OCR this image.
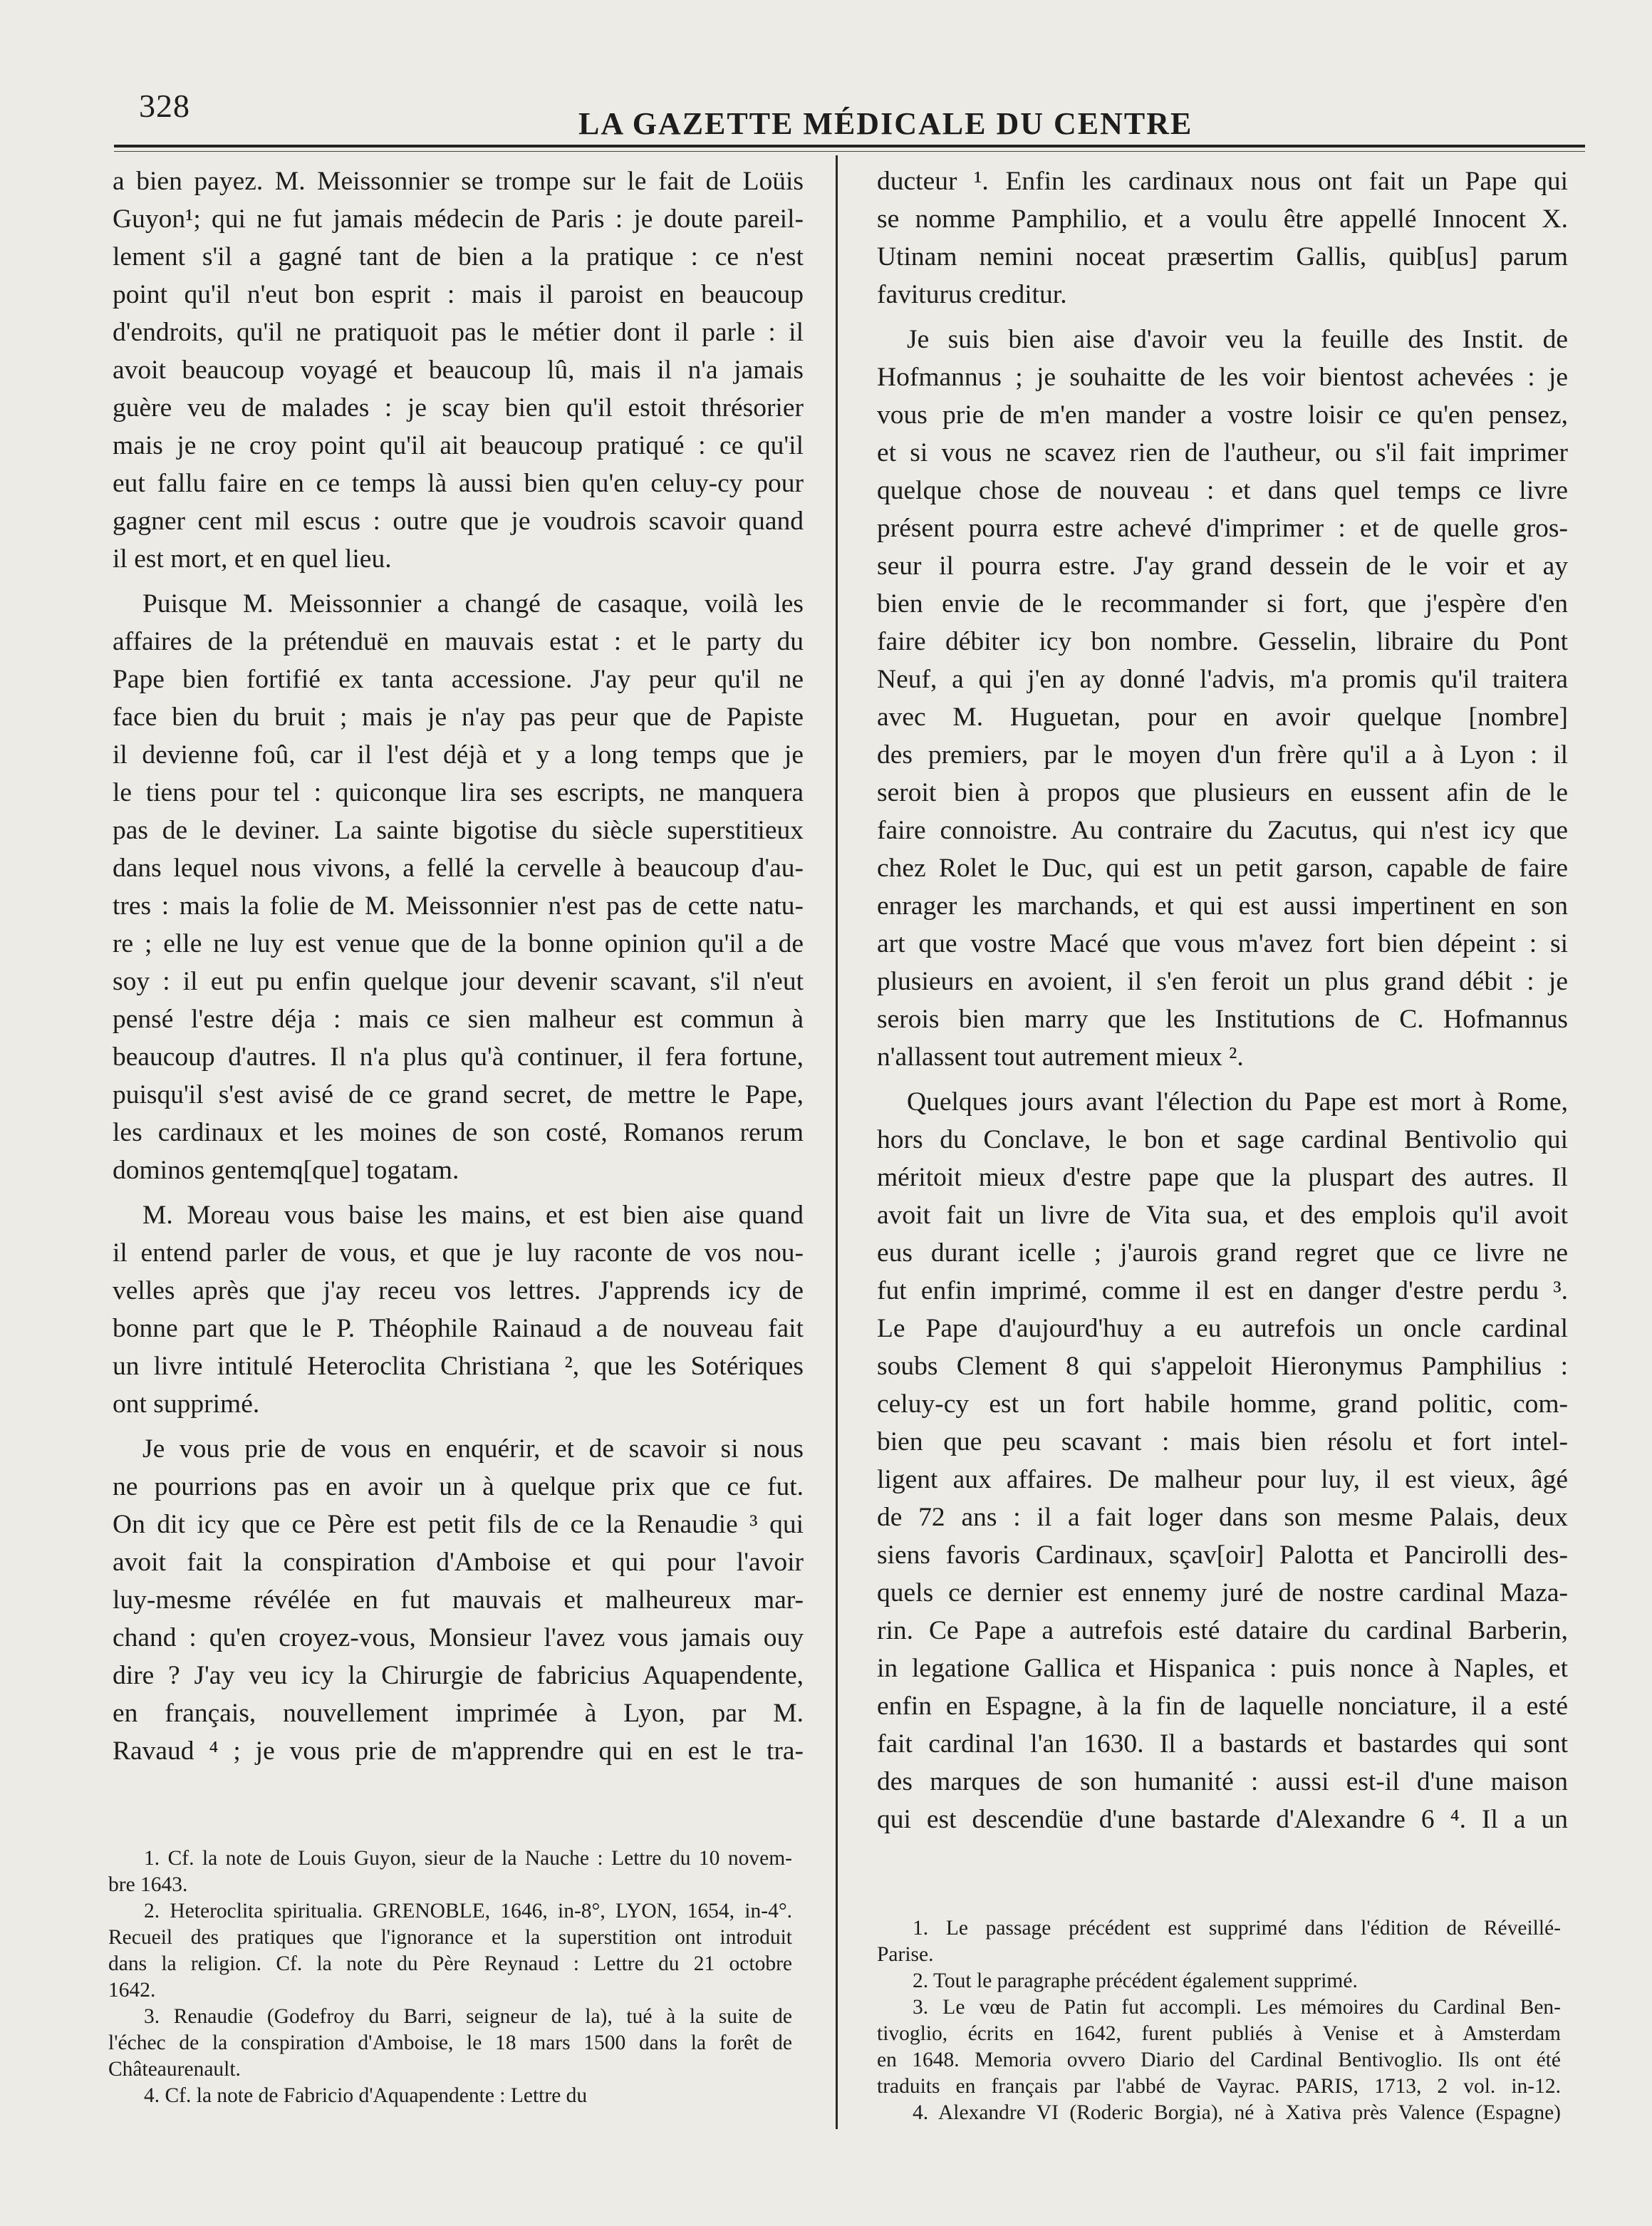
328	LA GAZETTE MÉDICALE DU CENTRE
a bien payez. M. Meissonnier se trompe sur le fait de Loüis
Guyon¹; qui ne fut jamais médecin de Paris : je doute pareil-
lement s'il a gagné tant de bien a la pratique : ce n'est
point qu'il n'eut bon esprit : mais il paroist en beaucoup
d'endroits, qu'il ne pratiquoit pas le métier dont il parle : il
avoit beaucoup voyagé et beaucoup lû, mais il n'a jamais
guère veu de malades : je scay bien qu'il estoit thrésorier
mais je ne croy point qu'il ait beaucoup pratiqué : ce qu'il
eut fallu faire en ce temps là aussi bien qu'en celuy-cy pour
gagner cent mil escus : outre que je voudrois scavoir quand
il est mort, et en quel lieu.
Puisque M. Meissonnier a changé de casaque, voilà les
affaires de la prétenduë en mauvais estat : et le party du
Pape bien fortifié ex tanta accessione. J'ay peur qu'il ne
face bien du bruit ; mais je n'ay pas peur que de Papiste
il devienne foû, car il l'est déjà et y a long temps que je
le tiens pour tel : quiconque lira ses escripts, ne manquera
pas de le deviner. La sainte bigotise du siècle superstitieux
dans lequel nous vivons, a fellé la cervelle à beaucoup d'au-
tres : mais la folie de M. Meissonnier n'est pas de cette natu-
re ; elle ne luy est venue que de la bonne opinion qu'il a de
soy : il eut pu enfin quelque jour devenir scavant, s'il n'eut
pensé l'estre déja : mais ce sien malheur est commun à
beaucoup d'autres. Il n'a plus qu'à continuer, il fera fortune,
puisqu'il s'est avisé de ce grand secret, de mettre le Pape,
les cardinaux et les moines de son costé, Romanos rerum
dominos gentemq[que] togatam.
M. Moreau vous baise les mains, et est bien aise quand
il entend parler de vous, et que je luy raconte de vos nou-
velles après que j'ay receu vos lettres. J'apprends icy de
bonne part que le P. Théophile Rainaud a de nouveau fait
un livre intitulé Heteroclita Christiana ², que les Sotériques
ont supprimé.
Je vous prie de vous en enquérir, et de scavoir si nous
ne pourrions pas en avoir un à quelque prix que ce fut.
On dit icy que ce Père est petit fils de ce la Renaudie ³ qui
avoit fait la conspiration d'Amboise et qui pour l'avoir
luy-mesme révélée en fut mauvais et malheureux mar-
chand : qu'en croyez-vous, Monsieur l'avez vous jamais ouy
dire ? J'ay veu icy la Chirurgie de fabricius Aquapendente,
en français, nouvellement imprimée à Lyon, par M.
Ravaud ⁴ ; je vous prie de m'apprendre qui en est le tra-
ducteur ¹. Enfin les cardinaux nous ont fait un Pape qui
se nomme Pamphilio, et a voulu être appellé Innocent X.
Utinam nemini noceat præsertim Gallis, quib[us] parum
faviturus creditur.
Je suis bien aise d'avoir veu la feuille des Instit. de
Hofmannus ; je souhaitte de les voir bientost achevées : je
vous prie de m'en mander a vostre loisir ce qu'en pensez,
et si vous ne scavez rien de l'autheur, ou s'il fait imprimer
quelque chose de nouveau : et dans quel temps ce livre
présent pourra estre achevé d'imprimer : et de quelle gros-
seur il pourra estre. J'ay grand dessein de le voir et ay
bien envie de le recommander si fort, que j'espère d'en
faire débiter icy bon nombre. Gesselin, libraire du Pont
Neuf, a qui j'en ay donné l'advis, m'a promis qu'il traitera
avec M. Huguetan, pour en avoir quelque [nombre]
des premiers, par le moyen d'un frère qu'il a à Lyon : il
seroit bien à propos que plusieurs en eussent afin de le
faire connoistre. Au contraire du Zacutus, qui n'est icy que
chez Rolet le Duc, qui est un petit garson, capable de faire
enrager les marchands, et qui est aussi impertinent en son
art que vostre Macé que vous m'avez fort bien dépeint : si
plusieurs en avoient, il s'en feroit un plus grand débit : je
serois bien marry que les Institutions de C. Hofmannus
n'allassent tout autrement mieux ².
Quelques jours avant l'élection du Pape est mort à Rome,
hors du Conclave, le bon et sage cardinal Bentivolio qui
méritoit mieux d'estre pape que la pluspart des autres. Il
avoit fait un livre de Vita sua, et des emplois qu'il avoit
eus durant icelle ; j'aurois grand regret que ce livre ne
fut enfin imprimé, comme il est en danger d'estre perdu ³.
Le Pape d'aujourd'huy a eu autrefois un oncle cardinal
soubs Clement 8 qui s'appeloit Hieronymus Pamphilius :
celuy-cy est un fort habile homme, grand politic, com-
bien que peu scavant : mais bien résolu et fort intel-
ligent aux affaires. De malheur pour luy, il est vieux, âgé
de 72 ans : il a fait loger dans son mesme Palais, deux
siens favoris Cardinaux, sçav[oir] Palotta et Pancirolli des-
quels ce dernier est ennemy juré de nostre cardinal Maza-
rin. Ce Pape a autrefois esté dataire du cardinal Barberin,
in legatione Gallica et Hispanica : puis nonce à Naples, et
enfin en Espagne, à la fin de laquelle nonciature, il a esté
fait cardinal l'an 1630. Il a bastards et bastardes qui sont
des marques de son humanité : aussi est-il d'une maison
qui est descendüe d'une bastarde d'Alexandre 6 ⁴. Il a un
1. Cf. la note de Louis Guyon, sieur de la Nauche : Lettre du 10 novem-
bre 1643.
2. Heteroclita spiritualia. GRENOBLE, 1646, in-8°, LYON, 1654, in-4°.
Recueil des pratiques que l'ignorance et la superstition ont introduit
dans la religion. Cf. la note du Père Reynaud : Lettre du 21 octobre
1642.
3. Renaudie (Godefroy du Barri, seigneur de la), tué à la suite de
l'échec de la conspiration d'Amboise, le 18 mars 1500 dans la forêt de
Châteaurenault.
4. Cf. la note de Fabricio d'Aquapendente : Lettre du
1. Le passage précédent est supprimé dans l'édition de Réveillé-
Parise.
2. Tout le paragraphe précédent également supprimé.
3. Le vœu de Patin fut accompli. Les mémoires du Cardinal Ben-
tivoglio, écrits en 1642, furent publiés à Venise et à Amsterdam
en 1648. Memoria ovvero Diario del Cardinal Bentivoglio. Ils ont été
traduits en français par l'abbé de Vayrac. PARIS, 1713, 2 vol. in-12.
4. Alexandre VI (Roderic Borgia), né à Xativa près Valence (Espagne)
